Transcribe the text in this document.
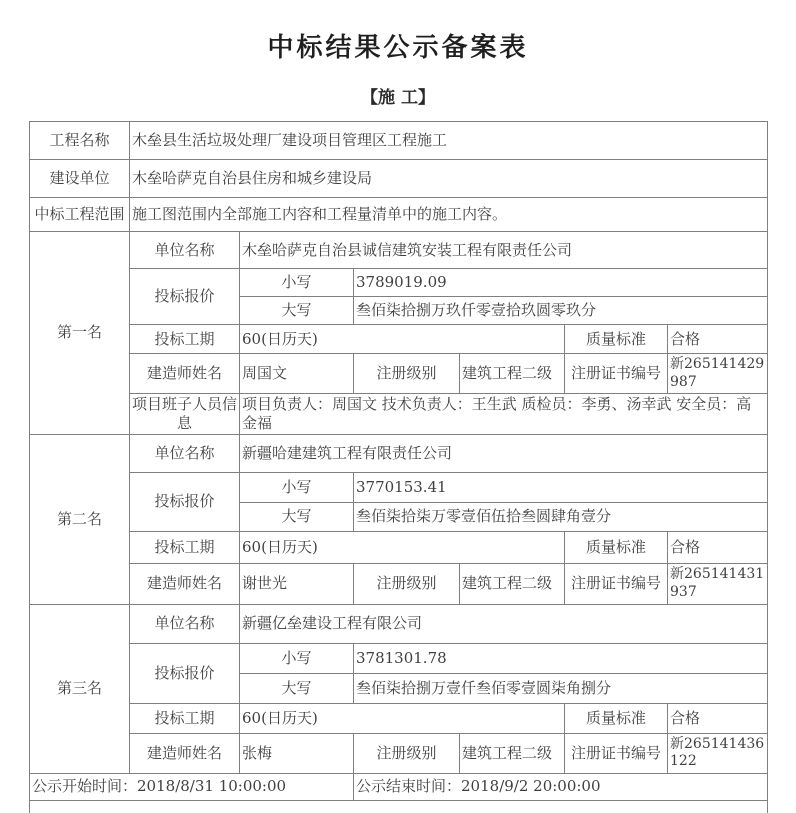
中标结果公示备案表
【施 工】
工程名称	木垒县生活垃圾处理厂建设项目管理区工程施工					
建设单位	木垒哈萨克自治县住房和城乡建设局					
中标工程范围	施工图范围内全部施工内容和工程量清单中的施工内容。					
第一名	单位名称	木垒哈萨克自治县诚信建筑安装工程有限责任公司				
	投标报价	小写	3789019.09			
		大写	叁佰柒拾捌万玖仟零壹拾玖圆零玖分			
	投标工期	60(日历天)			质量标准	合格
	建造师姓名	周国文	注册级别	建筑工程二级	注册证书编号	新265141429987
	项目班子人员信息	项目负责人：周国文 技术负责人：王生武 质检员：李勇、汤幸武 安全员：高金福				
第二名	单位名称	新疆哈建建筑工程有限责任公司				
	投标报价	小写	3770153.41			
		大写	叁佰柒拾柒万零壹佰伍拾叁圆肆角壹分			
	投标工期	60(日历天)			质量标准	合格
	建造师姓名	谢世光	注册级别	建筑工程二级	注册证书编号	新265141431937
第三名	单位名称	新疆亿垒建设工程有限公司				
	投标报价	小写	3781301.78			
		大写	叁佰柒拾捌万壹仟叁佰零壹圆柒角捌分			
	投标工期	60(日历天)			质量标准	合格
	建造师姓名	张梅	注册级别	建筑工程二级	注册证书编号	新265141436122
公示开始时间：2018/8/31 10:00:00			公示结束时间：2018/9/2 20:00:00			
